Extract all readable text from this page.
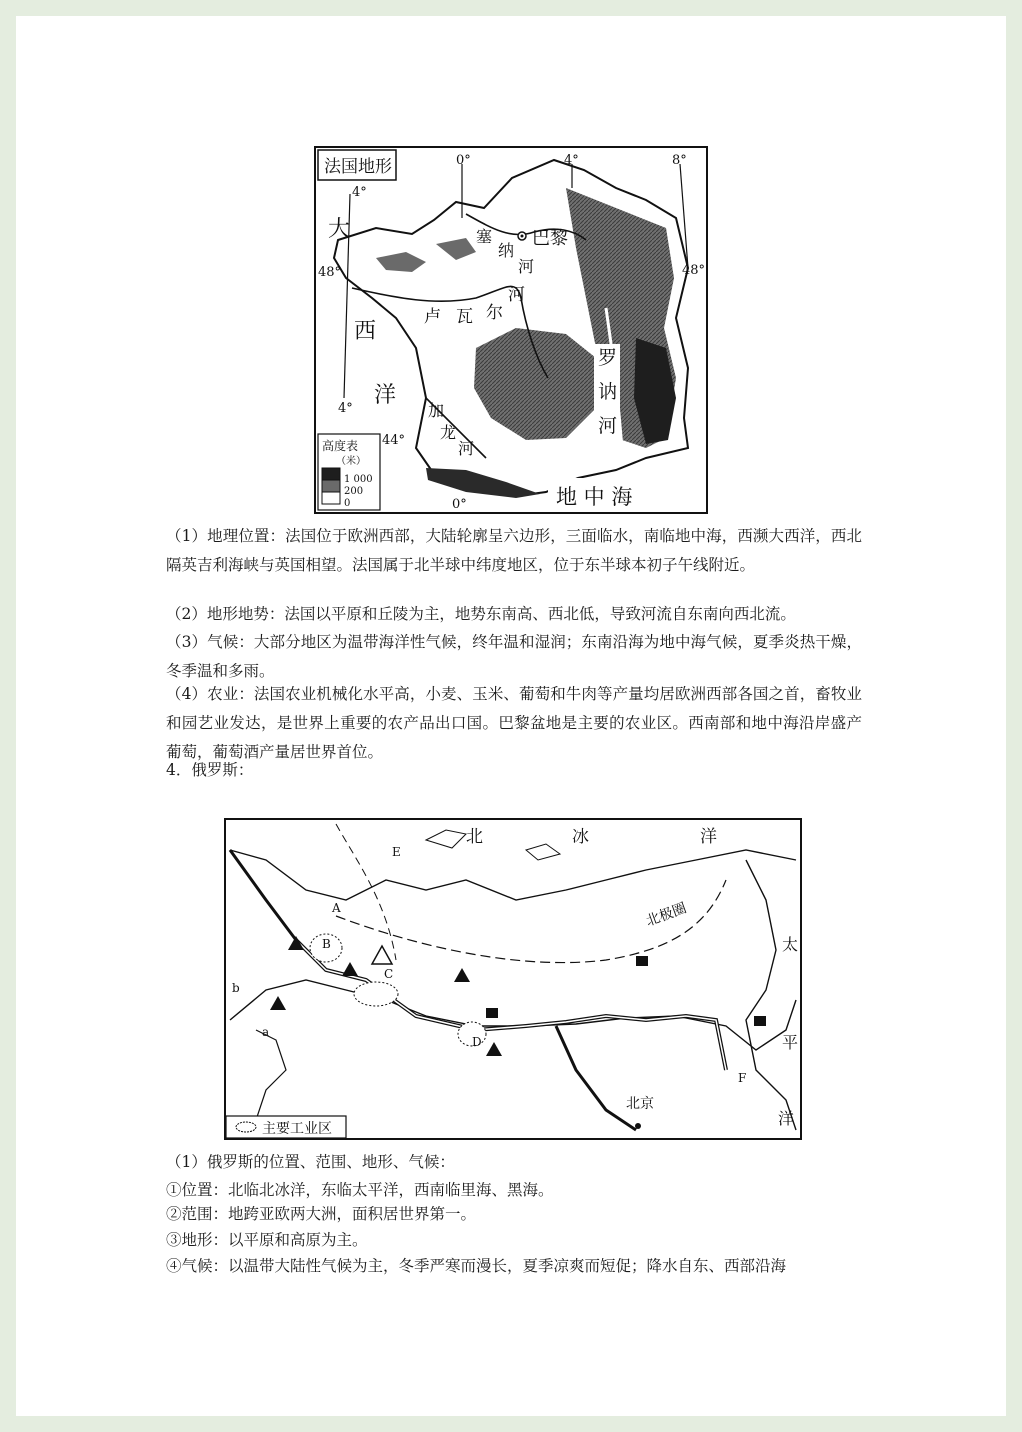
法国地形	0°	4°	8°
4°
4°
48°	48°
44°
0°
大
西
洋
巴黎
塞
纳
河
卢 瓦 尔
河
罗
讷
河
加
龙
河
地 中 海
高度表
（米）
1 000
200
0

（1）地理位置：法国位于欧洲西部，大陆轮廓呈六边形，三面临水，南临地中海，西濒大西洋，西北隔英吉利海峡与英国相望。法国属于北半球中纬度地区，位于东半球本初子午线附近。

（2）地形地势：法国以平原和丘陵为主，地势东南高、西北低，导致河流自东南向西北流。

（3）气候：大部分地区为温带海洋性气候，终年温和湿润；东南沿海为地中海气候，夏季炎热干燥，冬季温和多雨。

（4）农业：法国农业机械化水平高，小麦、玉米、葡萄和牛肉等产量均居欧洲西部各国之首，畜牧业和园艺业发达，是世界上重要的农产品出口国。巴黎盆地是主要的农业区。西南部和地中海沿岸盛产葡萄，葡萄酒产量居世界首位。

4．俄罗斯：

北	冰	洋
北极圈
太
平
洋
北京
A
B
C
D
E
F
a
b
主要工业区

（1）俄罗斯的位置、范围、地形、气候：

①位置：北临北冰洋，东临太平洋，西南临里海、黑海。

②范围：地跨亚欧两大洲，面积居世界第一。

③地形：以平原和高原为主。

④气候：以温带大陆性气候为主，冬季严寒而漫长，夏季凉爽而短促；降水自东、西部沿海
